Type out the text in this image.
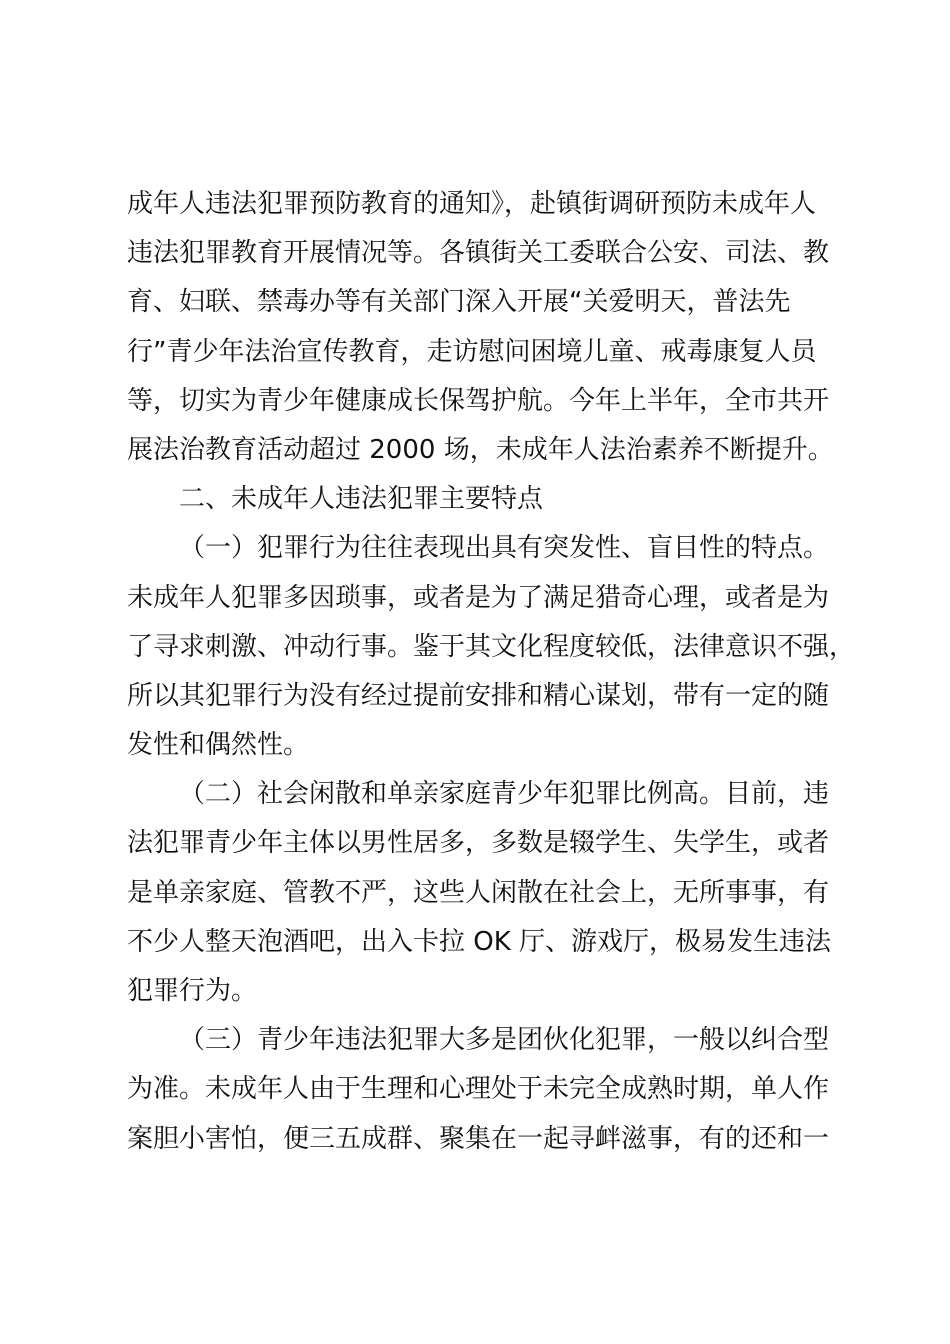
成年人违法犯罪预防教育的通知》，赴镇街调研预防未成年人
违法犯罪教育开展情况等。各镇街关工委联合公安、司法、教
育、妇联、禁毒办等有关部门深入开展“关爱明天，普法先
行”青少年法治宣传教育，走访慰问困境儿童、戒毒康复人员
等，切实为青少年健康成长保驾护航。今年上半年，全市共开
展法治教育活动超过 2000 场，未成年人法治素养不断提升。
二、未成年人违法犯罪主要特点
（一）犯罪行为往往表现出具有突发性、盲目性的特点。
未成年人犯罪多因琐事，或者是为了满足猎奇心理，或者是为
了寻求刺激、冲动行事。鉴于其文化程度较低，法律意识不强，
所以其犯罪行为没有经过提前安排和精心谋划，带有一定的随
发性和偶然性。
（二）社会闲散和单亲家庭青少年犯罪比例高。目前，违
法犯罪青少年主体以男性居多，多数是辍学生、失学生，或者
是单亲家庭、管教不严，这些人闲散在社会上，无所事事，有
不少人整天泡酒吧，出入卡拉 OK 厅、游戏厅，极易发生违法
犯罪行为。
（三）青少年违法犯罪大多是团伙化犯罪，一般以纠合型
为准。未成年人由于生理和心理处于未完全成熟时期，单人作
案胆小害怕，便三五成群、聚集在一起寻衅滋事，有的还和一
